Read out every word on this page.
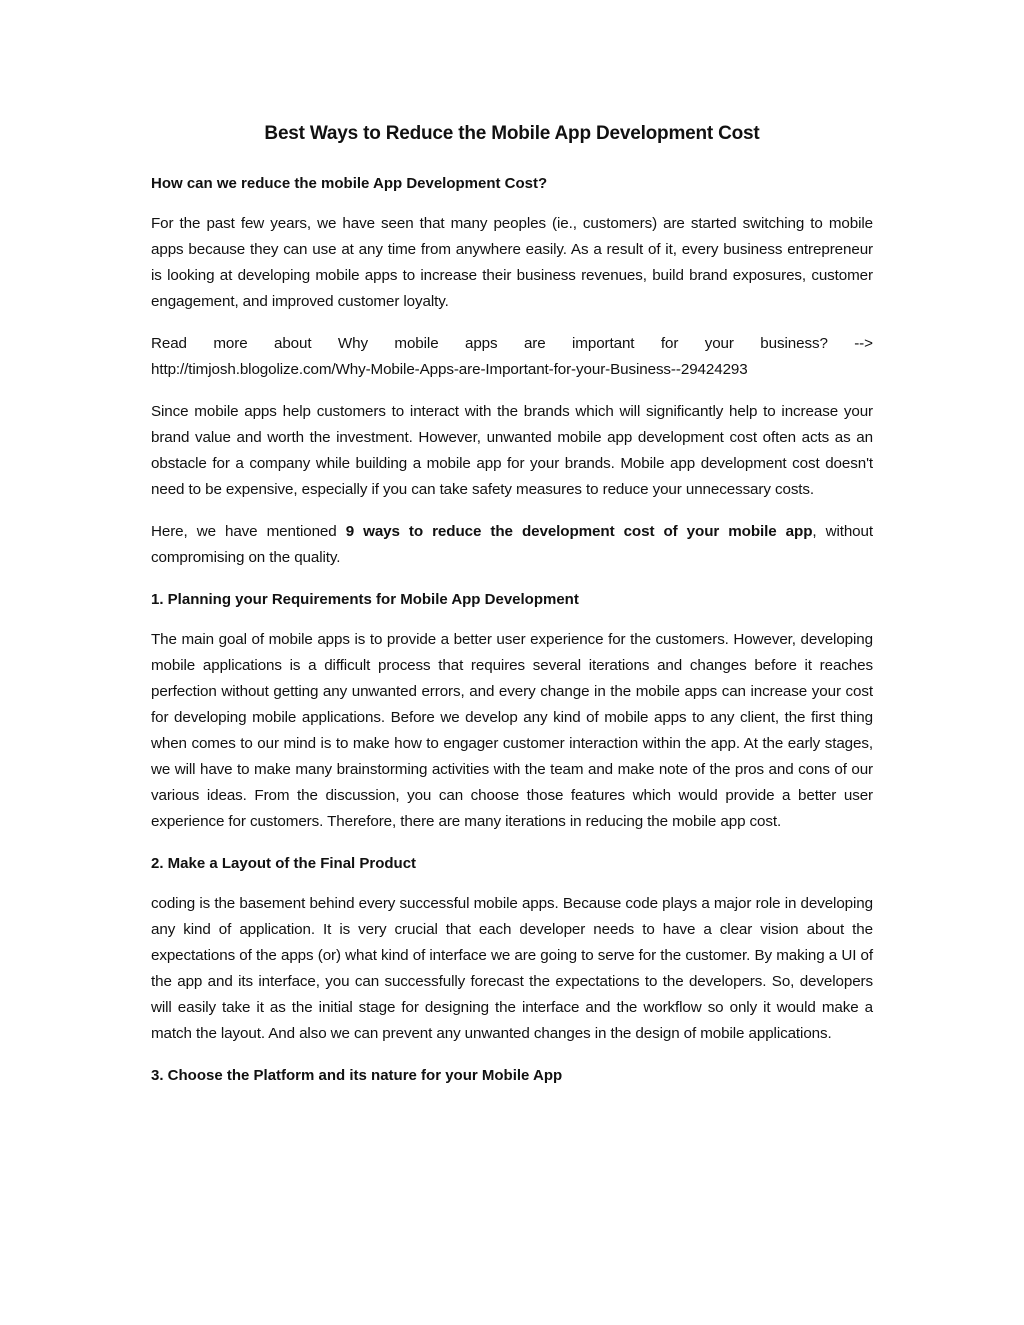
Best Ways to Reduce the Mobile App Development Cost
How can we reduce the mobile App Development Cost?

For the past few years, we have seen that many peoples (ie., customers) are started switching to mobile apps because they can use at any time from anywhere easily. As a result of it, every business entrepreneur is looking at developing mobile apps to increase their business revenues, build brand exposures, customer engagement, and improved customer loyalty.

Read more about Why mobile apps are important for your business? -->
http://timjosh.blogolize.com/Why-Mobile-Apps-are-Important-for-your-Business--29424293

Since mobile apps help customers to interact with the brands which will significantly help to increase your brand value and worth the investment. However, unwanted mobile app development cost often acts as an obstacle for a company while building a mobile app for your brands. Mobile app development cost doesn't need to be expensive, especially if you can take safety measures to reduce your unnecessary costs.

Here, we have mentioned 9 ways to reduce the development cost of your mobile app, without compromising on the quality.

1. Planning your Requirements for Mobile App Development

The main goal of mobile apps is to provide a better user experience for the customers. However, developing mobile applications is a difficult process that requires several iterations and changes before it reaches perfection without getting any unwanted errors, and every change in the mobile apps can increase your cost for developing mobile applications. Before we develop any kind of mobile apps to any client, the first thing when comes to our mind is to make how to engager customer interaction within the app. At the early stages, we will have to make many brainstorming activities with the team and make note of the pros and cons of our various ideas. From the discussion, you can choose those features which would provide a better user experience for customers. Therefore, there are many iterations in reducing the mobile app cost.

2. Make a Layout of the Final Product

coding is the basement behind every successful mobile apps. Because code plays a major role in developing any kind of application. It is very crucial that each developer needs to have a clear vision about the expectations of the apps (or) what kind of interface we are going to serve for the customer. By making a UI of the app and its interface, you can successfully forecast the expectations to the developers. So, developers will easily take it as the initial stage for designing the interface and the workflow so only it would make a match the layout. And also we can prevent any unwanted changes in the design of mobile applications.

3. Choose the Platform and its nature for your Mobile App
